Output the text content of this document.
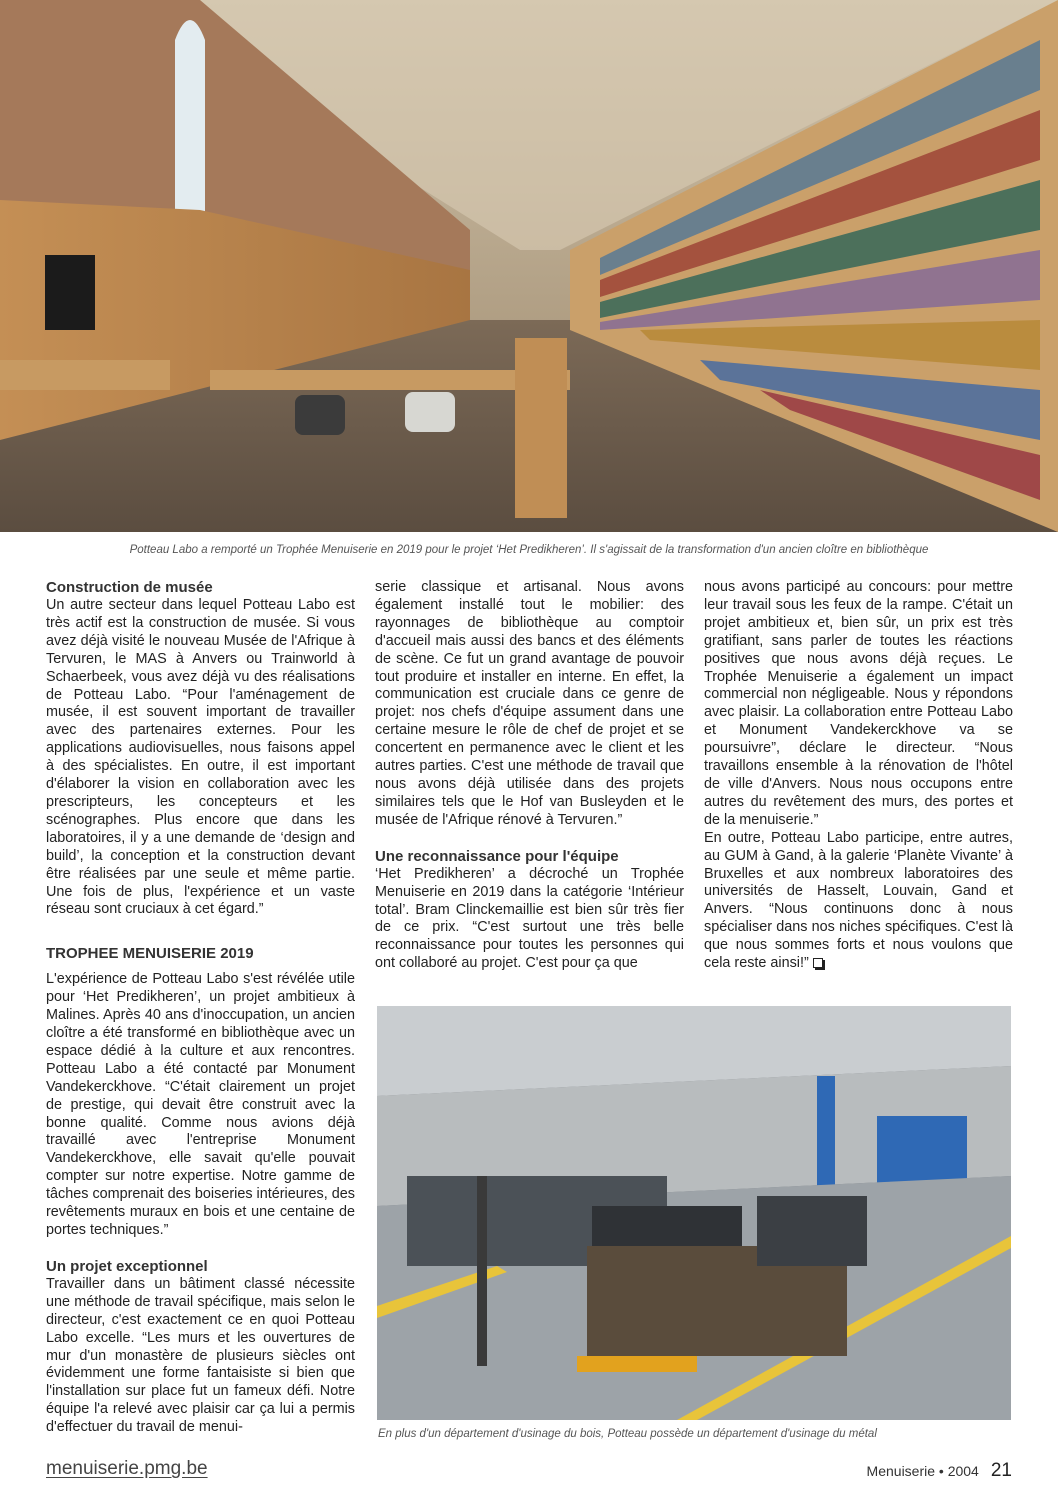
Potteau Labo a remporté un Trophée Menuiserie en 2019 pour le projet ‘Het Predikheren’. Il s'agissait de la transformation d'un ancien cloître en bibliothèque
Construction de musée

Un autre secteur dans lequel Potteau Labo est très actif est la construction de musée. Si vous avez déjà visité le nouveau Musée de l'Afrique à Tervuren, le MAS à Anvers ou Trainworld à Schaerbeek, vous avez déjà vu des réalisations de Potteau Labo. “Pour l'aménagement de musée, il est souvent important de travailler avec des partenaires externes. Pour les applications audiovisuelles, nous faisons appel à des spécialistes. En outre, il est important d'élaborer la vision en collaboration avec les prescripteurs, les concepteurs et les scénographes. Plus encore que dans les laboratoires, il y a une demande de ‘design and build’, la conception et la construction devant être réalisées par une seule et même partie. Une fois de plus, l'expérience et un vaste réseau sont cruciaux à cet égard.”

TROPHEE MENUISERIE 2019

L'expérience de Potteau Labo s'est révélée utile pour ‘Het Predikheren’, un projet ambitieux à Malines. Après 40 ans d'inoccupation, un ancien cloître a été transformé en bibliothèque avec un espace dédié à la culture et aux rencontres. Potteau Labo a été contacté par Monument Vandekerckhove. “C'était clairement un projet de prestige, qui devait être construit avec la bonne qualité. Comme nous avions déjà travaillé avec l'entreprise Monument Vandekerckhove, elle savait qu'elle pouvait compter sur notre expertise. Notre gamme de tâches comprenait des boiseries intérieures, des revêtements muraux en bois et une centaine de portes techniques.”

Un projet exceptionnel

Travailler dans un bâtiment classé nécessite une méthode de travail spécifique, mais selon le directeur, c'est exactement ce en quoi Potteau Labo excelle. “Les murs et les ouvertures de mur d'un monastère de plusieurs siècles ont évidemment une forme fantaisiste si bien que l'installation sur place fut un fameux défi. Notre équipe l'a relevé avec plaisir car ça lui a permis d'effectuer du travail de menui-

serie classique et artisanal. Nous avons également installé tout le mobilier: des rayonnages de bibliothèque au comptoir d'accueil mais aussi des bancs et des éléments de scène. Ce fut un grand avantage de pouvoir tout produire et installer en interne. En effet, la communication est cruciale dans ce genre de projet: nos chefs d'équipe assument dans une certaine mesure le rôle de chef de projet et se concertent en permanence avec le client et les autres parties. C'est une méthode de travail que nous avons déjà utilisée dans des projets similaires tels que le Hof van Busleyden et le musée de l'Afrique rénové à Tervuren.”

Une reconnaissance pour l'équipe

‘Het Predikheren’ a décroché un Trophée Menuiserie en 2019 dans la catégorie ‘Intérieur total’. Bram Clinckemaillie est bien sûr très fier de ce prix. “C'est surtout une très belle reconnaissance pour toutes les personnes qui ont collaboré au projet. C'est pour ça que

nous avons participé au concours: pour mettre leur travail sous les feux de la rampe. C'était un projet ambitieux et, bien sûr, un prix est très gratifiant, sans parler de toutes les réactions positives que nous avons déjà reçues. Le Trophée Menuiserie a également un impact commercial non négligeable. Nous y répondons avec plaisir. La collaboration entre Potteau Labo et Monument Vandekerckhove va se poursuivre”, déclare le directeur. “Nous travaillons ensemble à la rénovation de l'hôtel de ville d'Anvers. Nous nous occupons entre autres du revêtement des murs, des portes et de la menuiserie.”

En outre, Potteau Labo participe, entre autres, au GUM à Gand, à la galerie ‘Planète Vivante’ à Bruxelles et aux nombreux laboratoires des universités de Hasselt, Louvain, Gand et Anvers. “Nous continuons donc à nous spécialiser dans nos niches spécifiques. C'est là que nous sommes forts et nous voulons que cela reste ainsi!”

En plus d'un département d'usinage du bois, Potteau possède un département d'usinage du métal
menuiserie.pmg.be	Menuiserie • 2004 21
